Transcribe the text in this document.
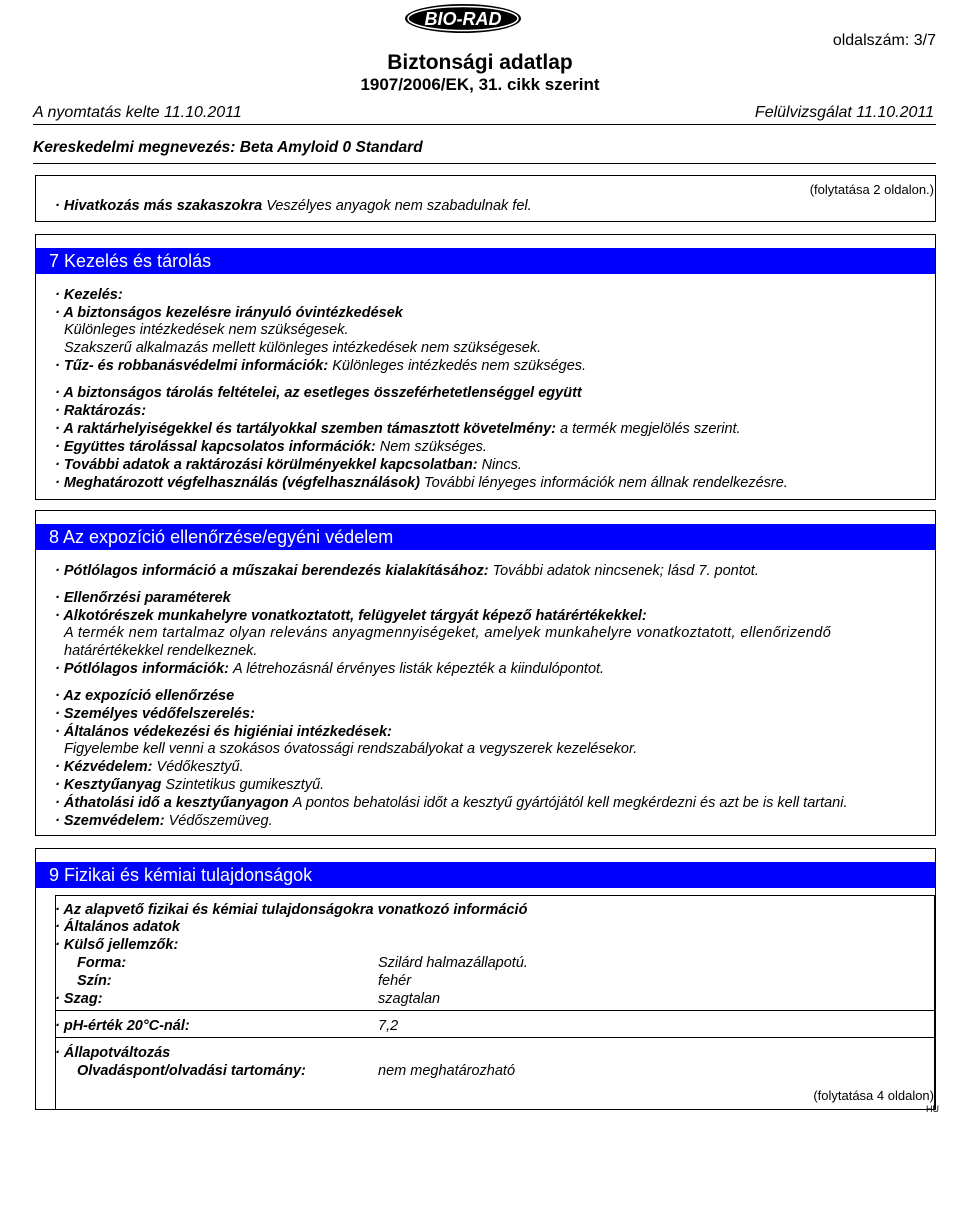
BIO-RAD
Biztonsági adatlap
1907/2006/EK, 31. cikk szerint
oldalszám: 3/7
A nyomtatás kelte 11.10.2011	Felülvizsgálat 11.10.2011
Kereskedelmi megnevezés: Beta Amyloid 0 Standard
(folytatása 2 oldalon.)
· Hivatkozás más szakaszokra Veszélyes anyagok nem szabadulnak fel.
7 Kezelés és tárolás
· Kezelés:
· A biztonságos kezelésre irányuló óvintézkedések
Különleges intézkedések nem szükségesek.
Szakszerű alkalmazás mellett különleges intézkedések nem szükségesek.
· Tűz- és robbanásvédelmi információk: Különleges intézkedés nem szükséges.
· A biztonságos tárolás feltételei, az esetleges összeférhetetlenséggel együtt
· Raktározás:
· A raktárhelyiségekkel és tartályokkal szemben támasztott követelmény: a termék megjelölés szerint.
· Együttes tárolással kapcsolatos információk: Nem szükséges.
· További adatok a raktározási körülményekkel kapcsolatban: Nincs.
· Meghatározott végfelhasználás (végfelhasználások) További lényeges információk nem állnak rendelkezésre.
8 Az expozíció ellenőrzése/egyéni védelem
· Pótlólagos információ a műszakai berendezés kialakításához: További adatok nincsenek; lásd 7. pontot.
· Ellenőrzési paraméterek
· Alkotórészek munkahelyre vonatkoztatott, felügyelet tárgyát képező határértékekkel:
A termék nem tartalmaz olyan releváns anyagmennyiségeket, amelyek munkahelyre vonatkoztatott, ellenőrizendő
határértékekkel rendelkeznek.
· Pótlólagos információk: A létrehozásnál érvényes listák képezték a kiindulópontot.
· Az expozíció ellenőrzése
· Személyes védőfelszerelés:
· Általános védekezési és higiéniai intézkedések:
Figyelembe kell venni a szokásos óvatossági rendszabályokat a vegyszerek kezelésekor.
· Kézvédelem: Védőkesztyű.
· Kesztyűanyag Szintetikus gumikesztyű.
· Áthatolási idő a kesztyűanyagon A pontos behatolási időt a kesztyű gyártójától kell megkérdezni és azt be is kell tartani.
· Szemvédelem: Védőszemüveg.
9 Fizikai és kémiai tulajdonságok
· Az alapvető fizikai és kémiai tulajdonságokra vonatkozó információ
· Általános adatok
· Külső jellemzők:
Forma:	Szilárd halmazállapotú.
Szín:	fehér
· Szag:	szagtalan
· pH-érték 20°C-nál:	7,2
· Állapotváltozás
Olvadáspont/olvadási tartomány:	nem meghatározható
(folytatása 4 oldalon)
HU
